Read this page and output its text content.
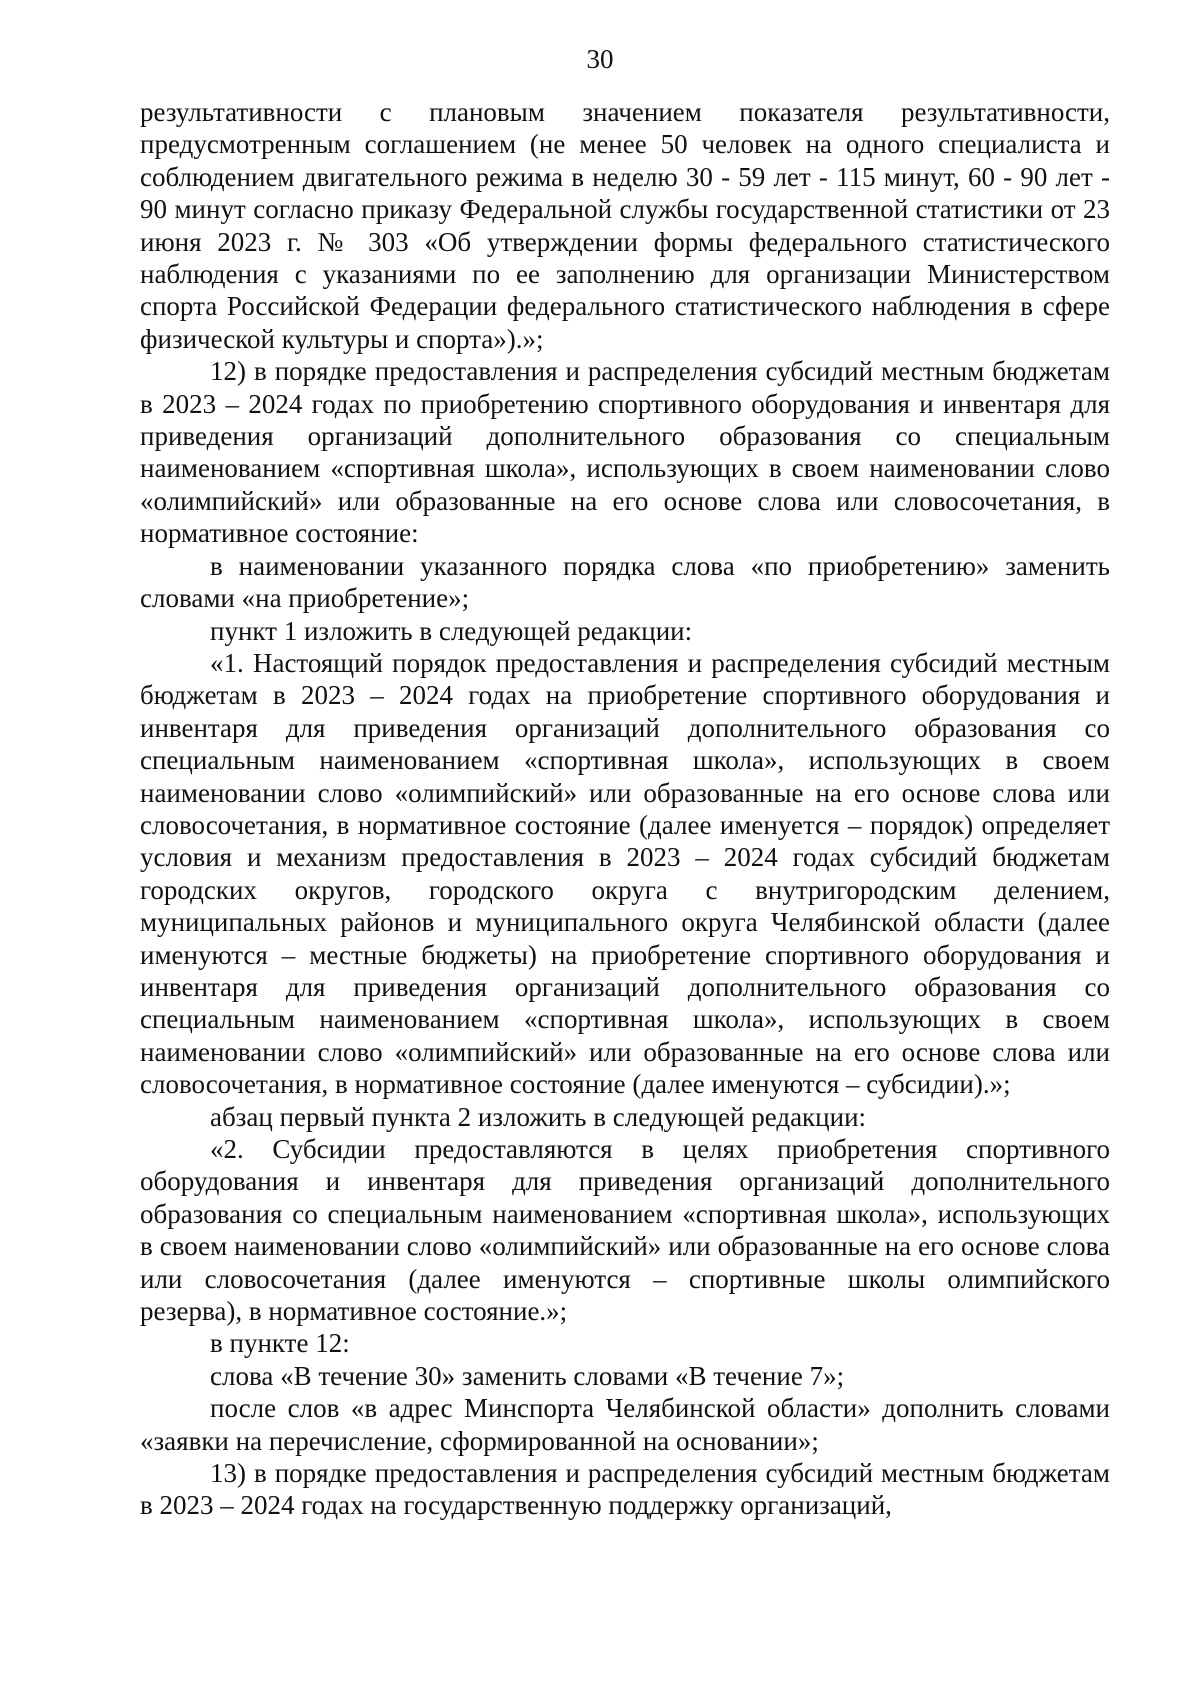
30

результативности с плановым значением показателя результативности, предусмотренным соглашением (не менее 50 человек на одного специалиста и соблюдением двигательного режима в неделю 30 - 59 лет - 115 минут, 60 - 90 лет - 90 минут согласно приказу Федеральной службы государственной статистики от 23 июня 2023 г. № 303 «Об утверждении формы федерального статистического наблюдения с указаниями по ее заполнению для организации Министерством спорта Российской Федерации федерального статистического наблюдения в сфере физической культуры и спорта»).»;

12) в порядке предоставления и распределения субсидий местным бюджетам в 2023 – 2024 годах по приобретению спортивного оборудования и инвентаря для приведения организаций дополнительного образования со специальным наименованием «спортивная школа», использующих в своем наименовании слово «олимпийский» или образованные на его основе слова или словосочетания, в нормативное состояние:

в наименовании указанного порядка слова «по приобретению» заменить словами «на приобретение»;

пункт 1 изложить в следующей редакции:

«1. Настоящий порядок предоставления и распределения субсидий местным бюджетам в 2023 – 2024 годах на приобретение спортивного оборудования и инвентаря для приведения организаций дополнительного образования со специальным наименованием «спортивная школа», использующих в своем наименовании слово «олимпийский» или образованные на его основе слова или словосочетания, в нормативное состояние (далее именуется – порядок) определяет условия и механизм предоставления в 2023 – 2024 годах субсидий бюджетам городских округов, городского округа с внутригородским делением, муниципальных районов и муниципального округа Челябинской области (далее именуются – местные бюджеты) на приобретение спортивного оборудования и инвентаря для приведения организаций дополнительного образования со специальным наименованием «спортивная школа», использующих в своем наименовании слово «олимпийский» или образованные на его основе слова или словосочетания, в нормативное состояние (далее именуются – субсидии).»;

абзац первый пункта 2 изложить в следующей редакции:

«2. Субсидии предоставляются в целях приобретения спортивного оборудования и инвентаря для приведения организаций дополнительного образования со специальным наименованием «спортивная школа», использующих в своем наименовании слово «олимпийский» или образованные на его основе слова или словосочетания (далее именуются – спортивные школы олимпийского резерва), в нормативное состояние.»;

в пункте 12:

слова «В течение 30» заменить словами «В течение 7»;

после слов «в адрес Минспорта Челябинской области» дополнить словами «заявки на перечисление, сформированной на основании»;

13) в порядке предоставления и распределения субсидий местным бюджетам в 2023 – 2024 годах на государственную поддержку организаций,
